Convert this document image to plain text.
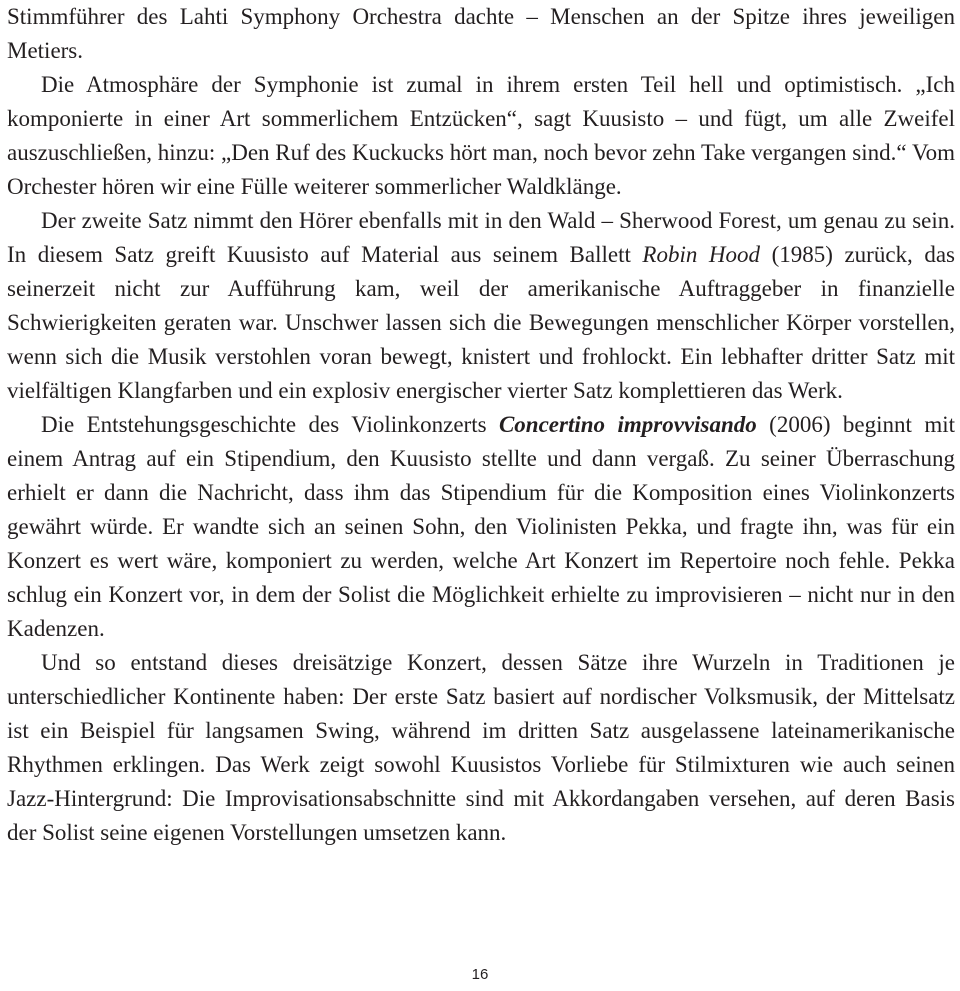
Stimmführer des Lahti Symphony Orchestra dachte – Menschen an der Spitze ihres jeweiligen Metiers.

Die Atmosphäre der Symphonie ist zumal in ihrem ersten Teil hell und optimistisch. „Ich komponierte in einer Art sommerlichem Entzücken“, sagt Kuusisto – und fügt, um alle Zweifel auszuschließen, hinzu: „Den Ruf des Kuckucks hört man, noch bevor zehn Take vergangen sind.“ Vom Orchester hören wir eine Fülle weiterer sommerlicher Waldklänge.

Der zweite Satz nimmt den Hörer ebenfalls mit in den Wald – Sherwood Forest, um genau zu sein. In diesem Satz greift Kuusisto auf Material aus seinem Ballett Robin Hood (1985) zurück, das seinerzeit nicht zur Aufführung kam, weil der amerikanische Auftraggeber in finanzielle Schwierigkeiten geraten war. Unschwer lassen sich die Bewegungen menschlicher Körper vorstellen, wenn sich die Musik verstohlen voran bewegt, knistert und frohlockt. Ein lebhafter dritter Satz mit vielfältigen Klangfarben und ein explosiv energischer vierter Satz komplettieren das Werk.

Die Entstehungsgeschichte des Violinkonzerts Concertino improvvisando (2006) beginnt mit einem Antrag auf ein Stipendium, den Kuusisto stellte und dann vergaß. Zu seiner Überraschung erhielt er dann die Nachricht, dass ihm das Stipendium für die Komposition eines Violinkonzerts gewährt würde. Er wandte sich an seinen Sohn, den Violinisten Pekka, und fragte ihn, was für ein Konzert es wert wäre, komponiert zu werden, welche Art Konzert im Repertoire noch fehle. Pekka schlug ein Konzert vor, in dem der Solist die Möglichkeit erhielte zu improvisieren – nicht nur in den Kadenzen.

Und so entstand dieses dreisätzige Konzert, dessen Sätze ihre Wurzeln in Traditionen je unterschiedlicher Kontinente haben: Der erste Satz basiert auf nordischer Volksmusik, der Mittelsatz ist ein Beispiel für langsamen Swing, während im dritten Satz ausgelassene lateinamerikanische Rhythmen erklingen. Das Werk zeigt sowohl Kuusistos Vorliebe für Stilmixturen wie auch seinen Jazz-Hintergrund: Die Improvisationsabschnitte sind mit Akkordangaben versehen, auf deren Basis der Solist seine eigenen Vorstellungen umsetzen kann.

16
